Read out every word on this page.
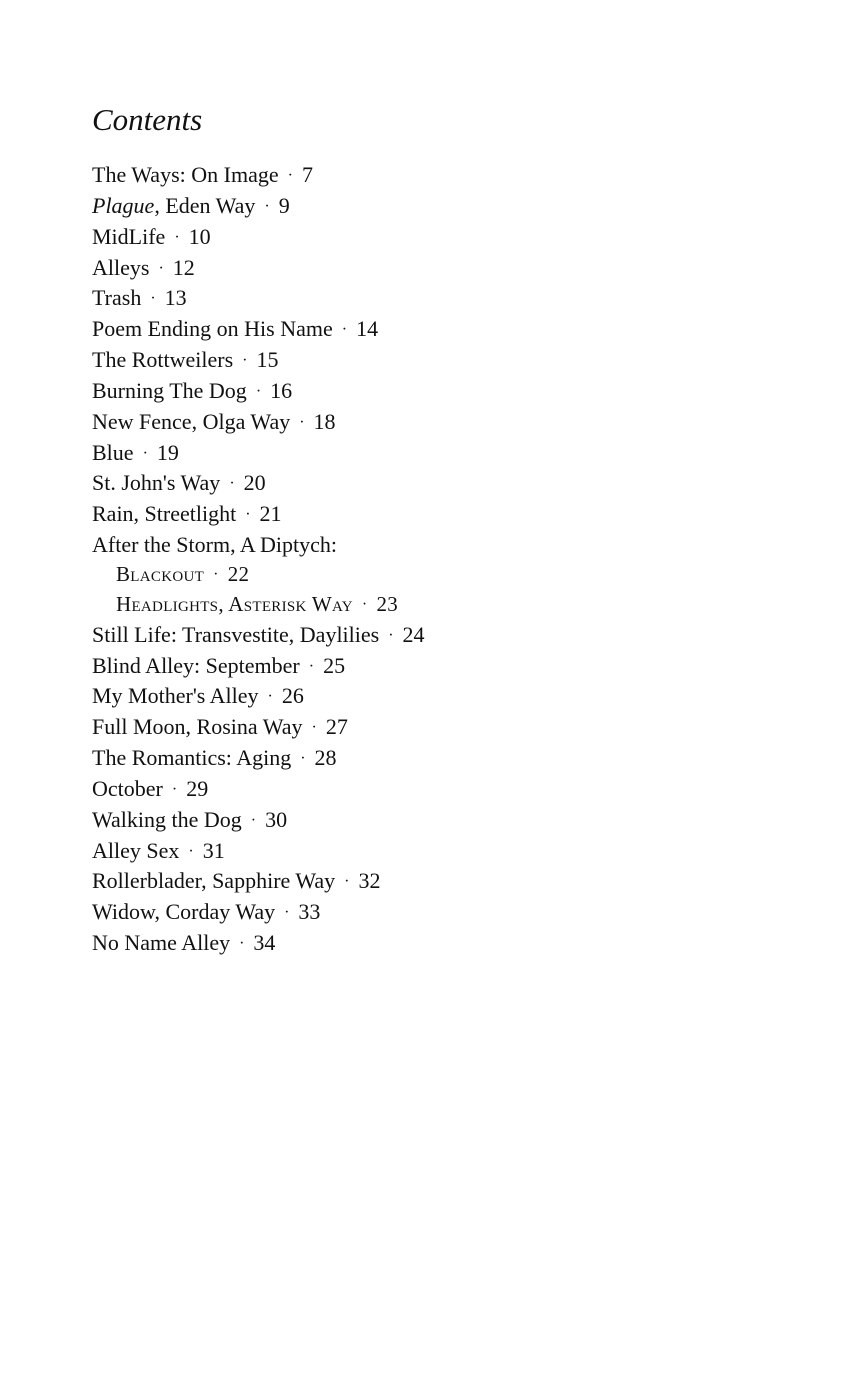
Contents
The Ways: On Image · 7
Plague, Eden Way · 9
MidLife · 10
Alleys · 12
Trash · 13
Poem Ending on His Name · 14
The Rottweilers · 15
Burning The Dog · 16
New Fence, Olga Way · 18
Blue · 19
St. John's Way · 20
Rain, Streetlight · 21
After the Storm, A Diptych:
Blackout · 22
Headlights, Asterisk Way · 23
Still Life: Transvestite, Daylilies · 24
Blind Alley: September · 25
My Mother's Alley · 26
Full Moon, Rosina Way · 27
The Romantics: Aging · 28
October · 29
Walking the Dog · 30
Alley Sex · 31
Rollerblader, Sapphire Way · 32
Widow, Corday Way · 33
No Name Alley · 34
